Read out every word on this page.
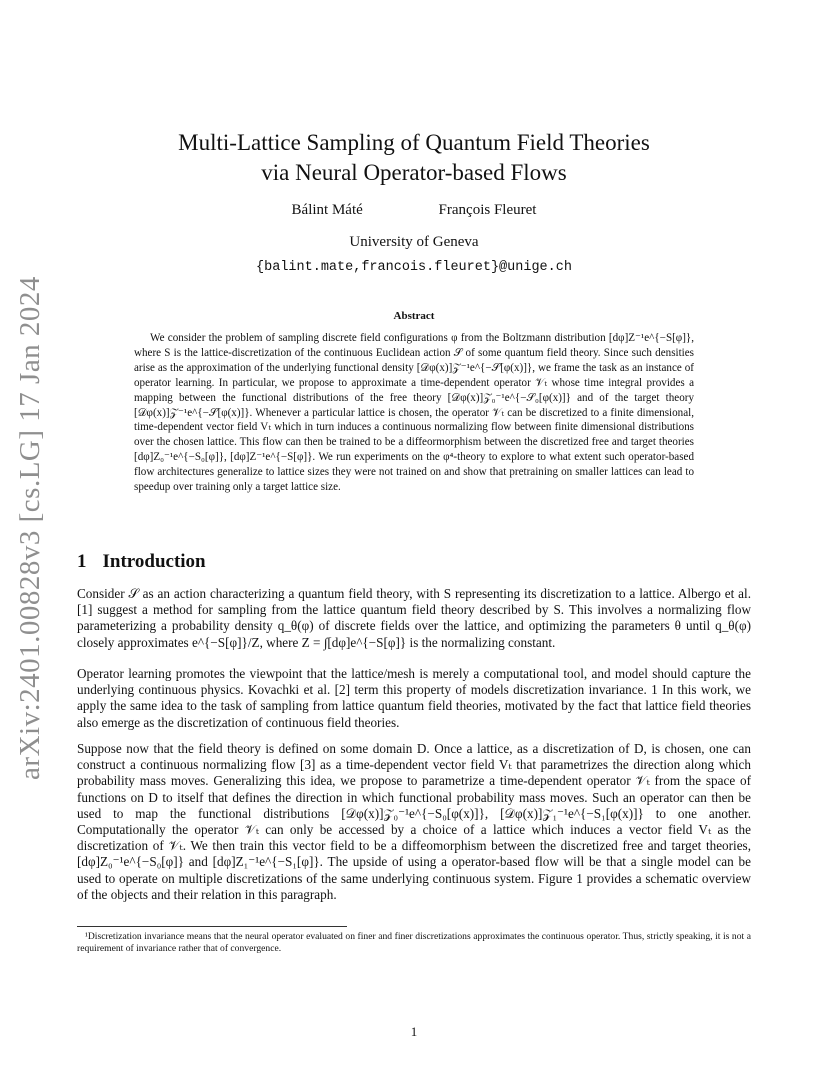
arXiv:2401.00828v3 [cs.LG] 17 Jan 2024
Multi-Lattice Sampling of Quantum Field Theories
via Neural Operator-based Flows
Bálint Máté	François Fleuret
University of Geneva
{balint.mate,francois.fleuret}@unige.ch
Abstract
We consider the problem of sampling discrete field configurations φ from the Boltzmann distribution [dφ]Z⁻¹e^{−S[φ]}, where S is the lattice-discretization of the continuous Euclidean action 𝒮 of some quantum field theory. Since such densities arise as the approximation of the underlying functional density [𝒟φ(x)]𝒵⁻¹e^{−𝒮[φ(x)]}, we frame the task as an instance of operator learning. In particular, we propose to approximate a time-dependent operator 𝒱ₜ whose time integral provides a mapping between the functional distributions of the free theory [𝒟φ(x)]𝒵₀⁻¹e^{−𝒮₀[φ(x)]} and of the target theory [𝒟φ(x)]𝒵⁻¹e^{−𝒮[φ(x)]}. Whenever a particular lattice is chosen, the operator 𝒱ₜ can be discretized to a finite dimensional, time-dependent vector field Vₜ which in turn induces a continuous normalizing flow between finite dimensional distributions over the chosen lattice. This flow can then be trained to be a diffeormorphism between the discretized free and target theories [dφ]Z₀⁻¹e^{−S₀[φ]}, [dφ]Z⁻¹e^{−S[φ]}. We run experiments on the φ⁴-theory to explore to what extent such operator-based flow architectures generalize to lattice sizes they were not trained on and show that pretraining on smaller lattices can lead to speedup over training only a target lattice size.
1 Introduction
Consider 𝒮 as an action characterizing a quantum field theory, with S representing its discretization to a lattice. Albergo et al. [1] suggest a method for sampling from the lattice quantum field theory described by S. This involves a normalizing flow parameterizing a probability density q_θ(φ) of discrete fields over the lattice, and optimizing the parameters θ until q_θ(φ) closely approximates e^{−S[φ]}/Z, where Z = ∫[dφ]e^{−S[φ]} is the normalizing constant.
Operator learning promotes the viewpoint that the lattice/mesh is merely a computational tool, and model should capture the underlying continuous physics. Kovachki et al. [2] term this property of models discretization invariance. 1 In this work, we apply the same idea to the task of sampling from lattice quantum field theories, motivated by the fact that lattice field theories also emerge as the discretization of continuous field theories.
Suppose now that the field theory is defined on some domain D. Once a lattice, as a discretization of D, is chosen, one can construct a continuous normalizing flow [3] as a time-dependent vector field Vₜ that parametrizes the direction along which probability mass moves. Generalizing this idea, we propose to parametrize a time-dependent operator 𝒱ₜ from the space of functions on D to itself that defines the direction in which functional probability mass moves. Such an operator can then be used to map the functional distributions [𝒟φ(x)]𝒵₀⁻¹e^{−S₀[φ(x)]}, [𝒟φ(x)]𝒵₁⁻¹e^{−S₁[φ(x)]} to one another. Computationally the operator 𝒱ₜ can only be accessed by a choice of a lattice which induces a vector field Vₜ as the discretization of 𝒱ₜ. We then train this vector field to be a diffeomorphism between the discretized free and target theories, [dφ]Z₀⁻¹e^{−S₀[φ]} and [dφ]Z₁⁻¹e^{−S₁[φ]}. The upside of using a operator-based flow will be that a single model can be used to operate on multiple discretizations of the same underlying continuous system. Figure 1 provides a schematic overview of the objects and their relation in this paragraph.
¹Discretization invariance means that the neural operator evaluated on finer and finer discretizations approximates the continuous operator. Thus, strictly speaking, it is not a requirement of invariance rather that of convergence.
1
